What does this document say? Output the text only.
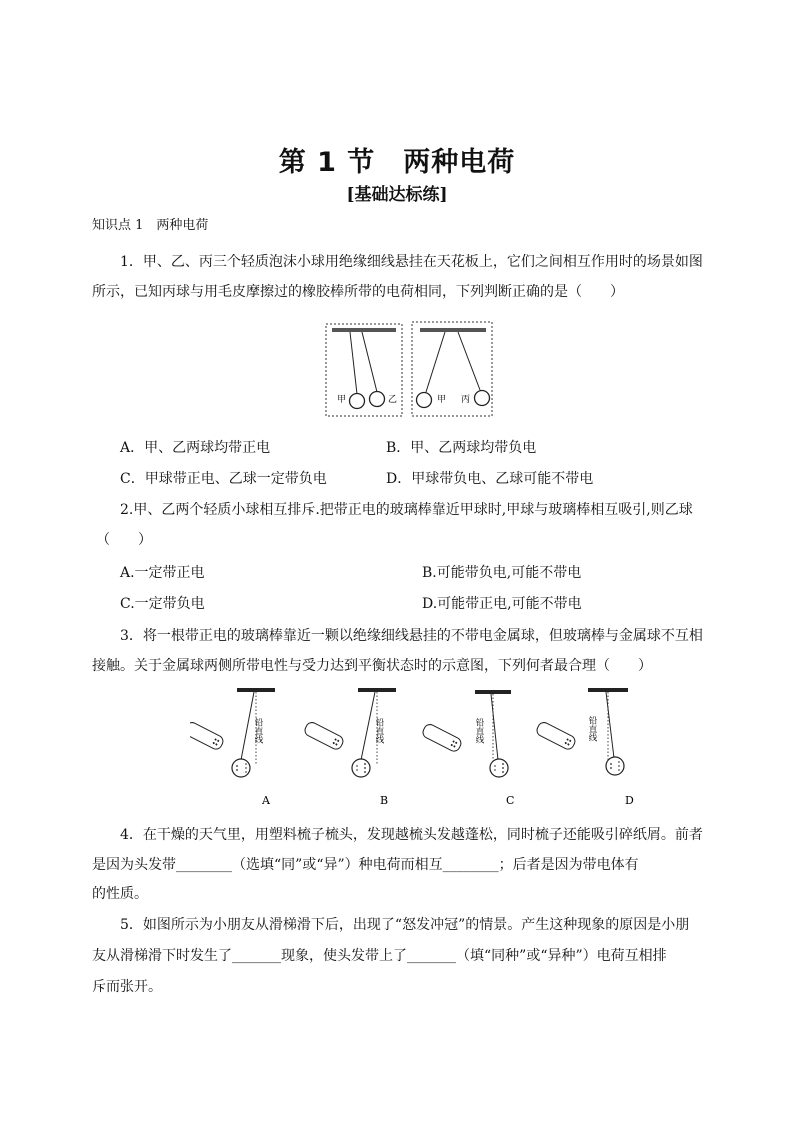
第 1 节　两种电荷
[基础达标练]
知识点 1　两种电荷
1．甲、乙、丙三个轻质泡沫小球用绝缘细线悬挂在天花板上，它们之间相互作用时的场景如图
所示，已知丙球与用毛皮摩擦过的橡胶棒所带的电荷相同，下列判断正确的是（　　）
甲	乙	甲 丙
A．甲、乙两球均带正电	B．甲、乙两球均带负电
C．甲球带正电、乙球一定带负电	D．甲球带负电、乙球可能不带电
2.甲、乙两个轻质小球相互排斥.把带正电的玻璃棒靠近甲球时,甲球与玻璃棒相互吸引,则乙球
（　　）
A.一定带正电	B.可能带负电,可能不带电
C.一定带负电	D.可能带正电,可能不带电
3．将一根带正电的玻璃棒靠近一颗以绝缘细线悬挂的不带电金属球，但玻璃棒与金属球不互相
接触。关于金属球两侧所带电性与受力达到平衡状态时的示意图，下列何者最合理（　　）
铅直线
A
铅直线
B
铅直线
C
铅直线
D
4．在干燥的天气里，用塑料梳子梳头，发现越梳头发越蓬松，同时梳子还能吸引碎纸屑。前者
是因为头发带________（选填“同”或“异”）种电荷而相互________；后者是因为带电体有
的性质。
5．如图所示为小朋友从滑梯滑下后，出现了“怒发冲冠”的情景。产生这种现象的原因是小朋
友从滑梯滑下时发生了_______现象，使头发带上了_______（填“同种”或“异种”）电荷互相排
斥而张开。
